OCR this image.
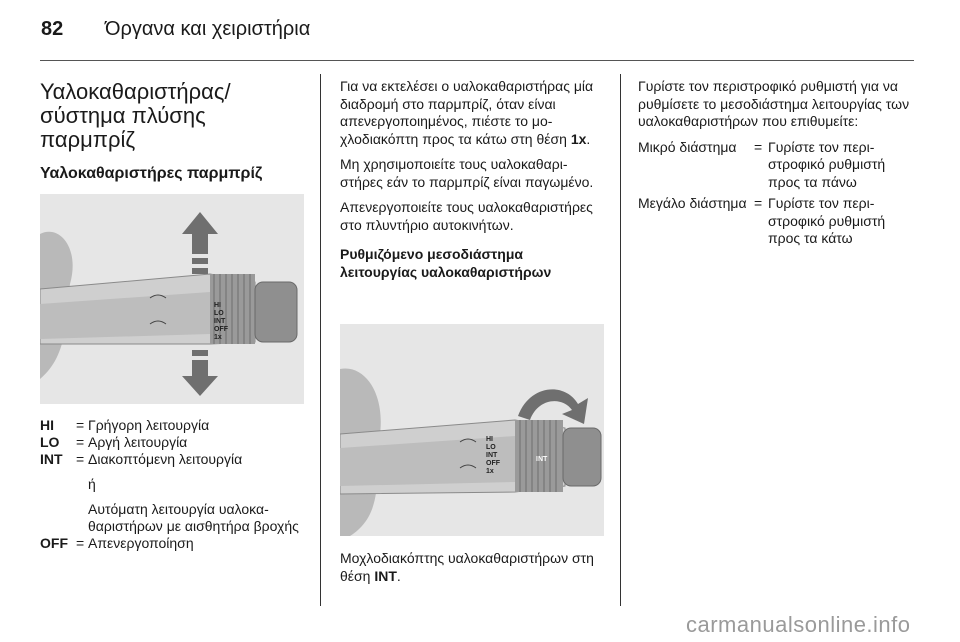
82 Όργανα και χειριστήρια
Υαλοκαθαριστήρας/ σύστημα πλύσης παρμπρίζ
Υαλοκαθαριστήρες παρμπρίζ
HI
LO
INT
OFF
1x
HI	= Γρήγορη λειτουργία
LO	= Αργή λειτουργία
INT = Διακοπτόμενη λειτουργία
ή
Αυτόματη λειτουργία υαλοκαθαριστήρων με αισθητήρα βροχής
OFF = Απενεργοποίηση

Για να εκτελέσει ο υαλοκαθαριστήρας μία διαδρομή στο παρμπρίζ, όταν είναι απενεργοποιημένος, πιέστε το μοχλοδιακόπτη προς τα κάτω στη θέση 1x.

Μη χρησιμοποιείτε τους υαλοκαθαριστήρες εάν το παρμπρίζ είναι παγωμένο.

Απενεργοποιείτε τους υαλοκαθαριστήρες στο πλυντήριο αυτοκινήτων.

Ρυθμιζόμενο μεσοδιάστημα λειτουργίας υαλοκαθαριστήρων

HI
LO
INT
OFF
1x
INT
Μοχλοδιακόπτης υαλοκαθαριστήρων στη θέση INT.

Γυρίστε τον περιστροφικό ρυθμιστή για να ρυθμίσετε το μεσοδιάστημα λειτουργίας των υαλοκαθαριστήρων που επιθυμείτε:

Μικρό διάστημα	= Γυρίστε τον περιστροφικό ρυθμιστή προς τα πάνω
Μεγάλο διάστημα = Γυρίστε τον περιστροφικό ρυθμιστή προς τα κάτω
carmanualsonline.info
